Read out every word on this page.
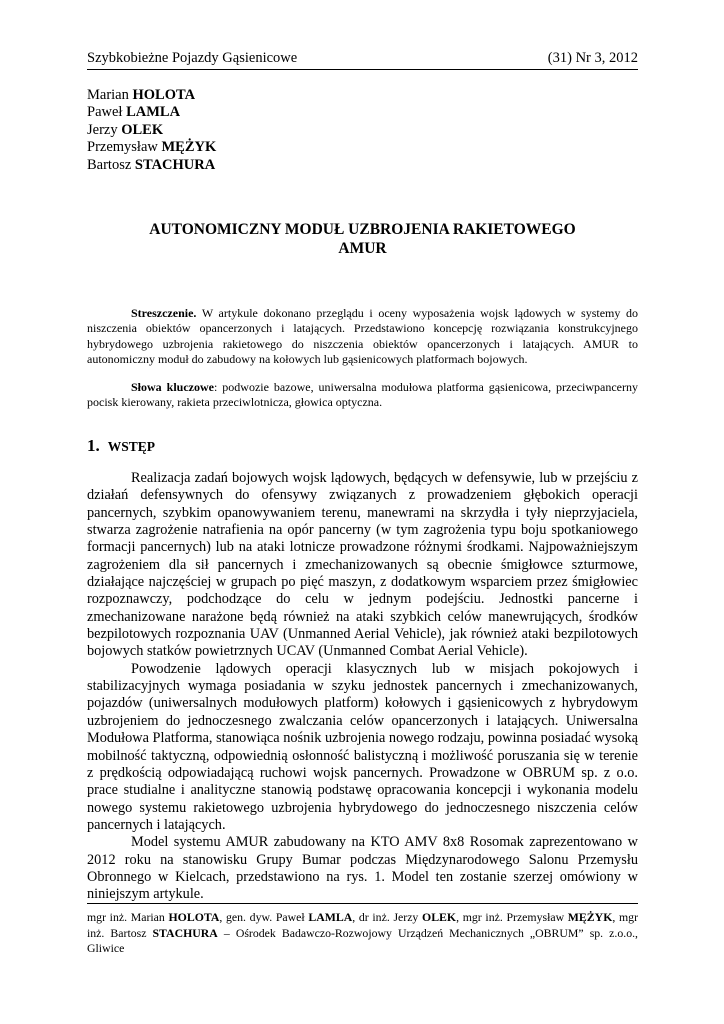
Szybkobieżne Pojazdy Gąsienicowe	(31) Nr 3, 2012
Marian HOLOTA
Paweł LAMLA
Jerzy OLEK
Przemysław MĘŻYK
Bartosz STACHURA
AUTONOMICZNY MODUŁ UZBROJENIA RAKIETOWEGO
AMUR

Streszczenie. W artykule dokonano przeglądu i oceny wyposażenia wojsk lądowych w systemy do niszczenia obiektów opancerzonych i latających. Przedstawiono koncepcję rozwiązania konstrukcyjnego hybrydowego uzbrojenia rakietowego do niszczenia obiektów opancerzonych i latających. AMUR to autonomiczny moduł do zabudowy na kołowych lub gąsienicowych platformach bojowych.

Słowa kluczowe: podwozie bazowe, uniwersalna modułowa platforma gąsienicowa, przeciwpancerny pocisk kierowany, rakieta przeciwlotnicza, głowica optyczna.

1. WSTĘP

Realizacja zadań bojowych wojsk lądowych, będących w defensywie, lub w przejściu z działań defensywnych do ofensywy związanych z prowadzeniem głębokich operacji pancernych, szybkim opanowywaniem terenu, manewrami na skrzydła i tyły nieprzyjaciela, stwarza zagrożenie natrafienia na opór pancerny (w tym zagrożenia typu boju spotkaniowego formacji pancernych) lub na ataki lotnicze prowadzone różnymi środkami. Najpoważniejszym zagrożeniem dla sił pancernych i zmechanizowanych są obecnie śmigłowce szturmowe, działające najczęściej w grupach po pięć maszyn, z dodatkowym wsparciem przez śmigłowiec rozpoznawczy, podchodzące do celu w jednym podejściu. Jednostki pancerne i zmechanizowane narażone będą również na ataki szybkich celów manewrujących, środków bezpilotowych rozpoznania UAV (Unmanned Aerial Vehicle), jak również ataki bezpilotowych bojowych statków powietrznych UCAV (Unmanned Combat Aerial Vehicle).

Powodzenie lądowych operacji klasycznych lub w misjach pokojowych i stabilizacyjnych wymaga posiadania w szyku jednostek pancernych i zmechanizowanych, pojazdów (uniwersalnych modułowych platform) kołowych i gąsienicowych z hybrydowym uzbrojeniem do jednoczesnego zwalczania celów opancerzonych i latających. Uniwersalna Modułowa Platforma, stanowiąca nośnik uzbrojenia nowego rodzaju, powinna posiadać wysoką mobilność taktyczną, odpowiednią osłonność balistyczną i możliwość poruszania się w terenie z prędkością odpowiadającą ruchowi wojsk pancernych. Prowadzone w OBRUM sp. z o.o. prace studialne i analityczne stanowią podstawę opracowania koncepcji i wykonania modelu nowego systemu rakietowego uzbrojenia hybrydowego do jednoczesnego niszczenia celów pancernych i latających.

Model systemu AMUR zabudowany na KTO AMV 8x8 Rosomak zaprezentowano w 2012 roku na stanowisku Grupy Bumar podczas Międzynarodowego Salonu Przemysłu Obronnego w Kielcach, przedstawiono na rys. 1. Model ten zostanie szerzej omówiony w niniejszym artykule.

mgr inż. Marian HOLOTA, gen. dyw. Paweł LAMLA, dr inż. Jerzy OLEK, mgr inż. Przemysław MĘŻYK, mgr inż. Bartosz STACHURA – Ośrodek Badawczo-Rozwojowy Urządzeń Mechanicznych „OBRUM” sp. z.o.o., Gliwice
